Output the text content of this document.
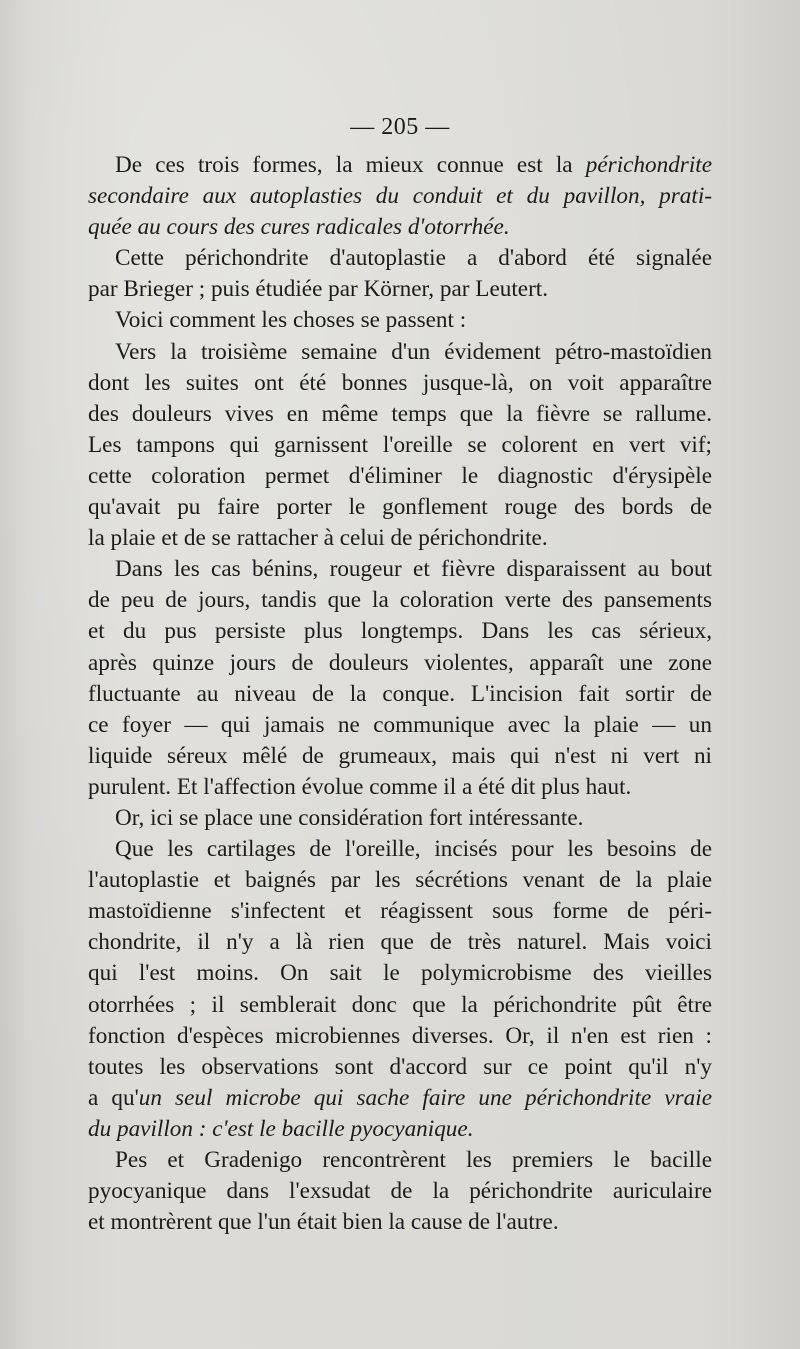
— 205 —
De ces trois formes, la mieux connue est la périchondrite
secondaire aux autoplasties du conduit et du pavillon, prati-
quée au cours des cures radicales d'otorrhée.
Cette périchondrite d'autoplastie a d'abord été signalée
par Brieger ; puis étudiée par Körner, par Leutert.
Voici comment les choses se passent :
Vers la troisième semaine d'un évidement pétro-mastoïdien
dont les suites ont été bonnes jusque-là, on voit apparaître
des douleurs vives en même temps que la fièvre se rallume.
Les tampons qui garnissent l'oreille se colorent en vert vif;
cette coloration permet d'éliminer le diagnostic d'érysipèle
qu'avait pu faire porter le gonflement rouge des bords de
la plaie et de se rattacher à celui de périchondrite.
Dans les cas bénins, rougeur et fièvre disparaissent au bout
de peu de jours, tandis que la coloration verte des pansements
et du pus persiste plus longtemps. Dans les cas sérieux,
après quinze jours de douleurs violentes, apparaît une zone
fluctuante au niveau de la conque. L'incision fait sortir de
ce foyer — qui jamais ne communique avec la plaie — un
liquide séreux mêlé de grumeaux, mais qui n'est ni vert ni
purulent. Et l'affection évolue comme il a été dit plus haut.
Or, ici se place une considération fort intéressante.
Que les cartilages de l'oreille, incisés pour les besoins de
l'autoplastie et baignés par les sécrétions venant de la plaie
mastoïdienne s'infectent et réagissent sous forme de péri-
chondrite, il n'y a là rien que de très naturel. Mais voici
qui l'est moins. On sait le polymicrobisme des vieilles
otorrhées ; il semblerait donc que la périchondrite pût être
fonction d'espèces microbiennes diverses. Or, il n'en est rien :
toutes les observations sont d'accord sur ce point qu'il n'y
a qu'un seul microbe qui sache faire une périchondrite vraie
du pavillon : c'est le bacille pyocyanique.
Pes et Gradenigo rencontrèrent les premiers le bacille
pyocyanique dans l'exsudat de la périchondrite auriculaire
et montrèrent que l'un était bien la cause de l'autre.
